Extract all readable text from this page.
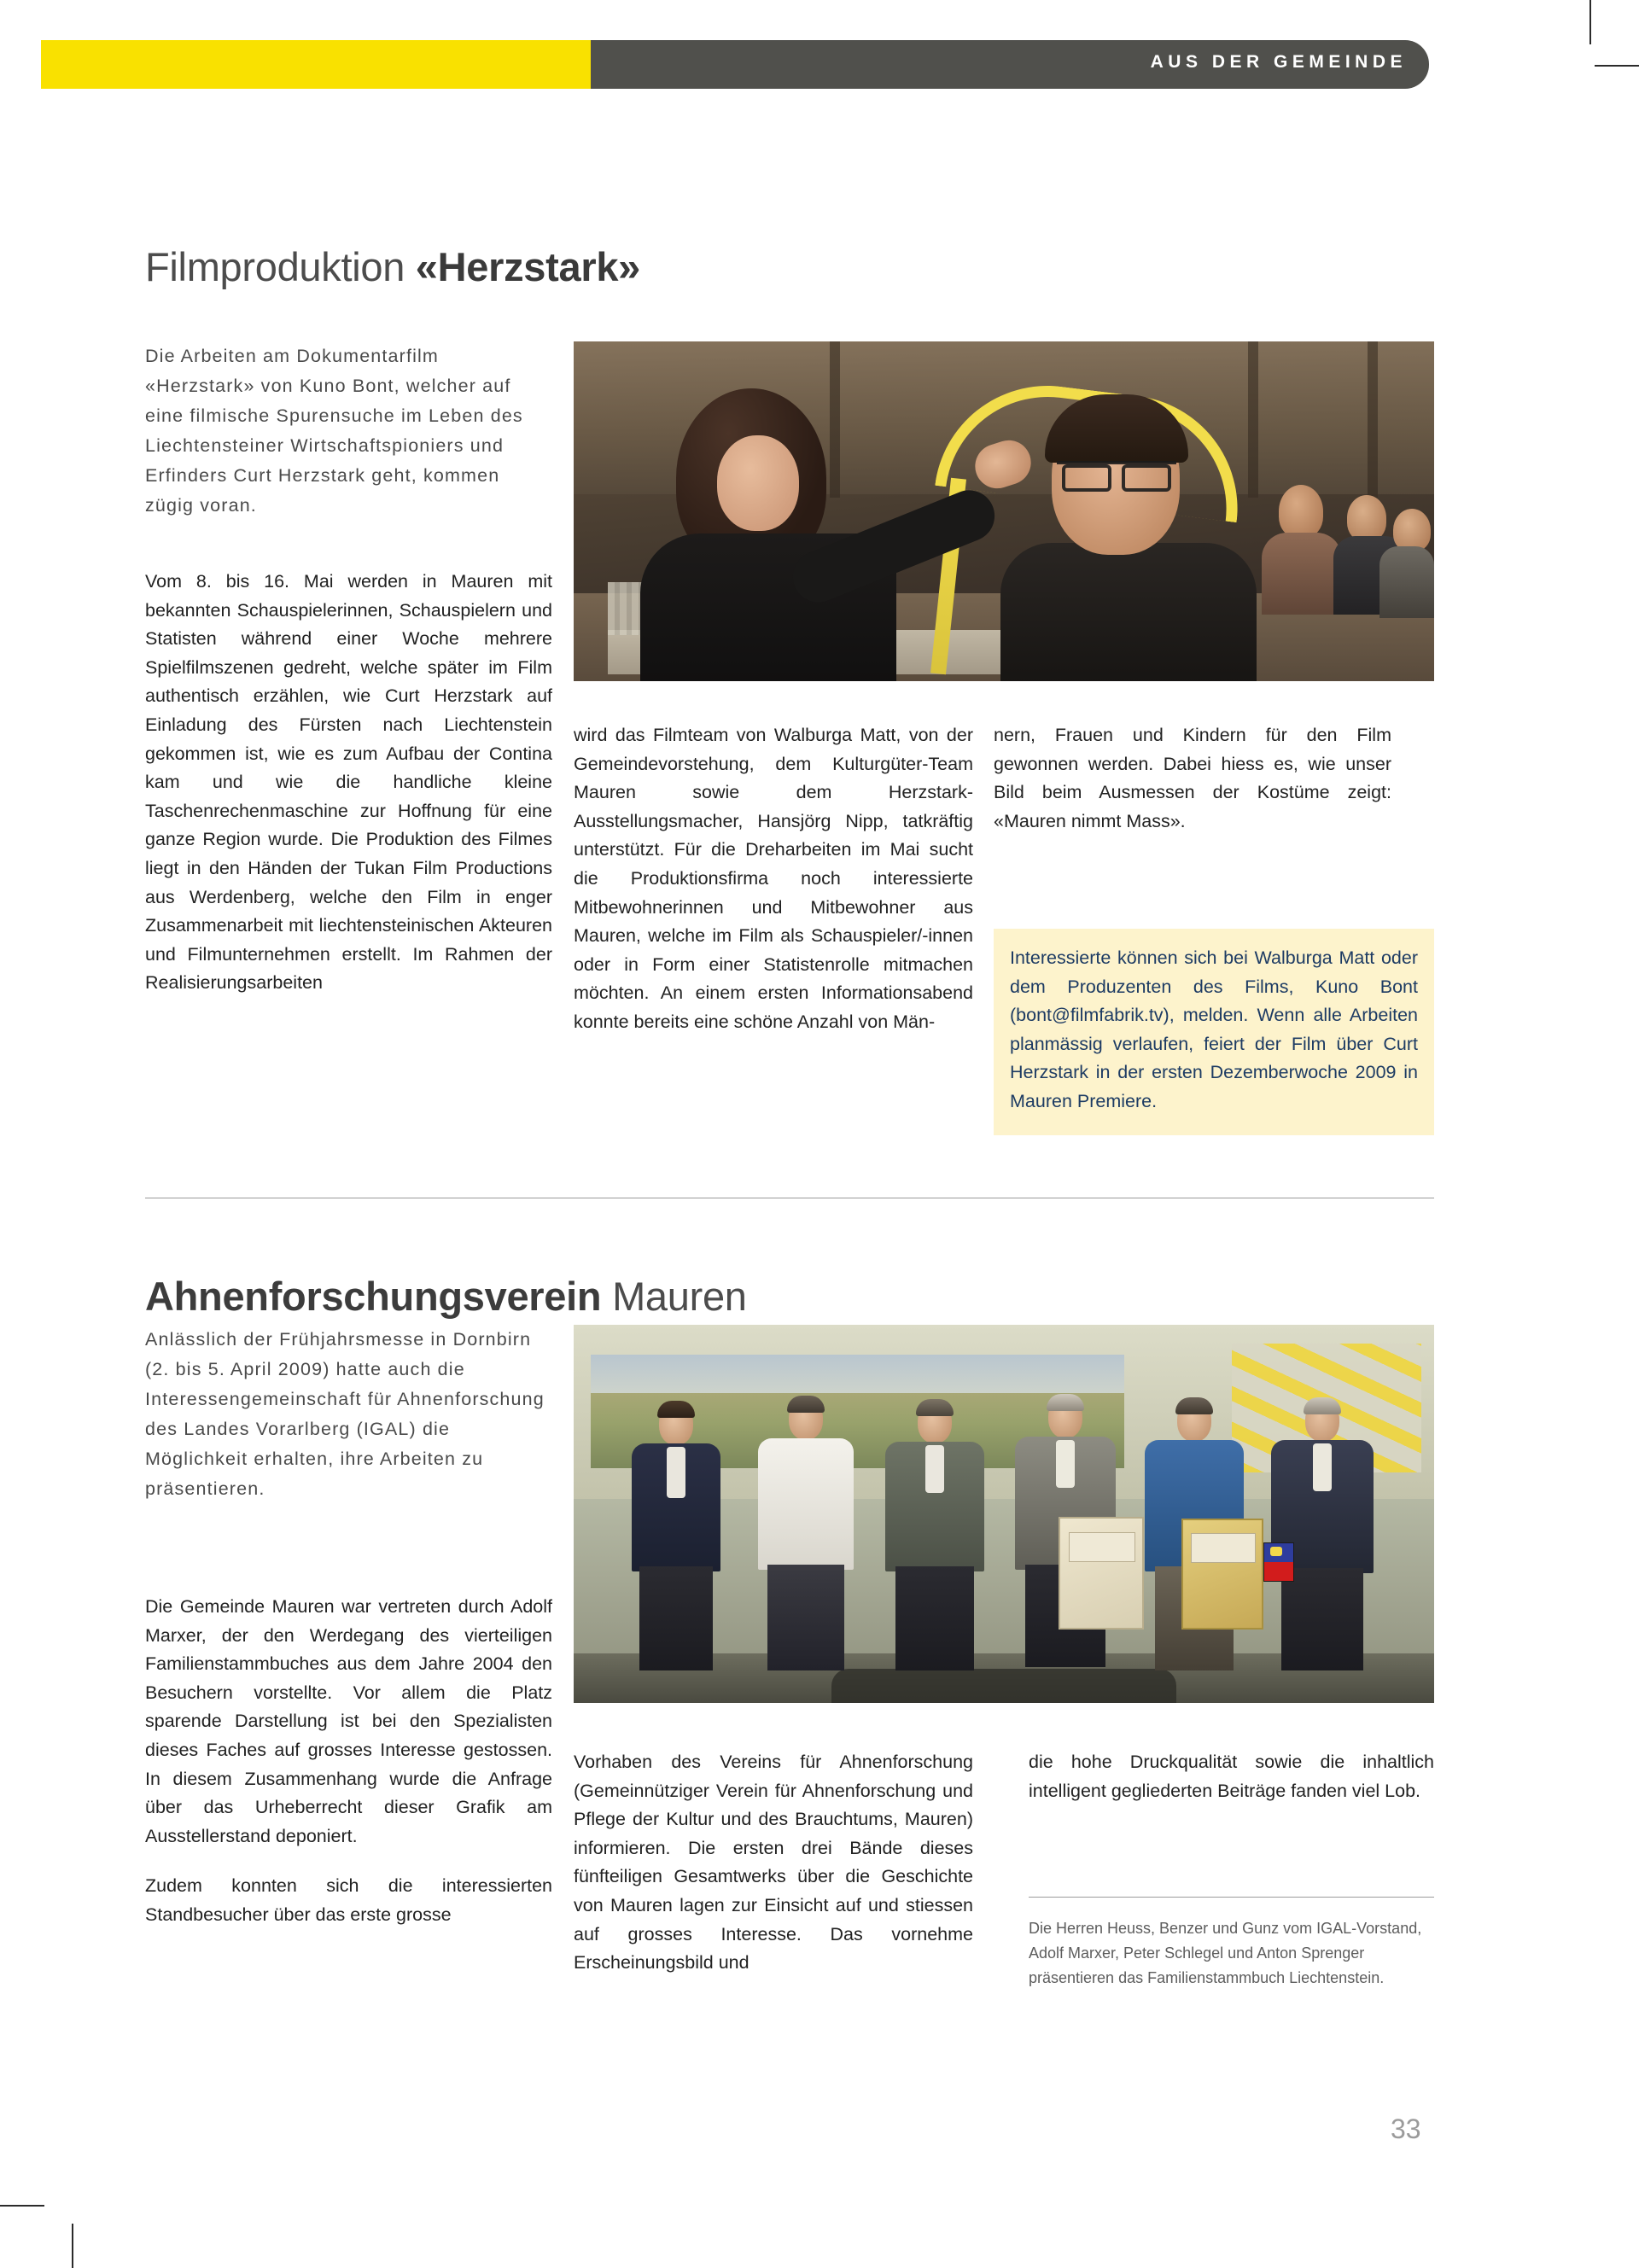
AUS DER GEMEINDE
Filmproduktion «Herzstark»
Die Arbeiten am Dokumentarfilm «Herzstark» von Kuno Bont, welcher auf eine filmische Spurensuche im Leben des Liechtensteiner Wirtschaftspioniers und Erfinders Curt Herzstark geht, kommen zügig voran.

Vom 8. bis 16. Mai werden in Mauren mit bekannten Schauspielerinnen, Schauspielern und Statisten während einer Woche mehrere Spielfilmszenen gedreht, welche später im Film authentisch erzählen, wie Curt Herzstark auf Einladung des Fürsten nach Liechtenstein gekommen ist, wie es zum Aufbau der Contina kam und wie die handliche kleine Taschenrechenmaschine zur Hoffnung für eine ganze Region wurde. Die Produktion des Filmes liegt in den Händen der Tukan Film Productions aus Werdenberg, welche den Film in enger Zusammenarbeit mit liechtensteinischen Akteuren und Filmunternehmen erstellt. Im Rahmen der Realisierungsarbeiten

wird das Filmteam von Walburga Matt, von der Gemeindevorstehung, dem Kulturgüter-Team Mauren sowie dem Herzstark-Ausstellungsmacher, Hansjörg Nipp, tatkräftig unterstützt. Für die Dreharbeiten im Mai sucht die Produktionsfirma noch interessierte Mitbewohnerinnen und Mitbewohner aus Mauren, welche im Film als Schauspieler/-innen oder in Form einer Statistenrolle mitmachen möchten. An einem ersten Informationsabend konnte bereits eine schöne Anzahl von Män-

nern, Frauen und Kindern für den Film gewonnen werden. Dabei hiess es, wie unser Bild beim Ausmessen der Kostüme zeigt: «Mauren nimmt Mass».

Interessierte können sich bei Walburga Matt oder dem Produzenten des Films, Kuno Bont (bont@filmfabrik.tv), melden. Wenn alle Arbeiten planmässig verlaufen, feiert der Film über Curt Herzstark in der ersten Dezemberwoche 2009 in Mauren Premiere.

Ahnenforschungsverein Mauren
Anlässlich der Frühjahrsmesse in Dornbirn (2. bis 5. April 2009) hatte auch die Interessengemeinschaft für Ahnenforschung des Landes Vorarlberg (IGAL) die Möglichkeit erhalten, ihre Arbeiten zu präsentieren.

Die Gemeinde Mauren war vertreten durch Adolf Marxer, der den Werdegang des vierteiligen Familienstammbuches aus dem Jahre 2004 den Besuchern vorstellte. Vor allem die Platz sparende Darstellung ist bei den Spezialisten dieses Faches auf grosses Interesse gestossen. In diesem Zusammenhang wurde die Anfrage über das Urheberrecht dieser Grafik am Ausstellerstand deponiert.

Zudem konnten sich die interessierten Standbesucher über das erste grosse

Vorhaben des Vereins für Ahnenforschung (Gemeinnütziger Verein für Ahnenforschung und Pflege der Kultur und des Brauchtums, Mauren) informieren. Die ersten drei Bände dieses fünfteiligen Gesamtwerks über die Geschichte von Mauren lagen zur Einsicht auf und stiessen auf grosses Interesse. Das vornehme Erscheinungsbild und

die hohe Druckqualität sowie die inhaltlich intelligent gegliederten Beiträge fanden viel Lob.

Die Herren Heuss, Benzer und Gunz vom IGAL-Vorstand, Adolf Marxer, Peter Schlegel und Anton Sprenger präsentieren das Familienstammbuch Liechtenstein.
33
